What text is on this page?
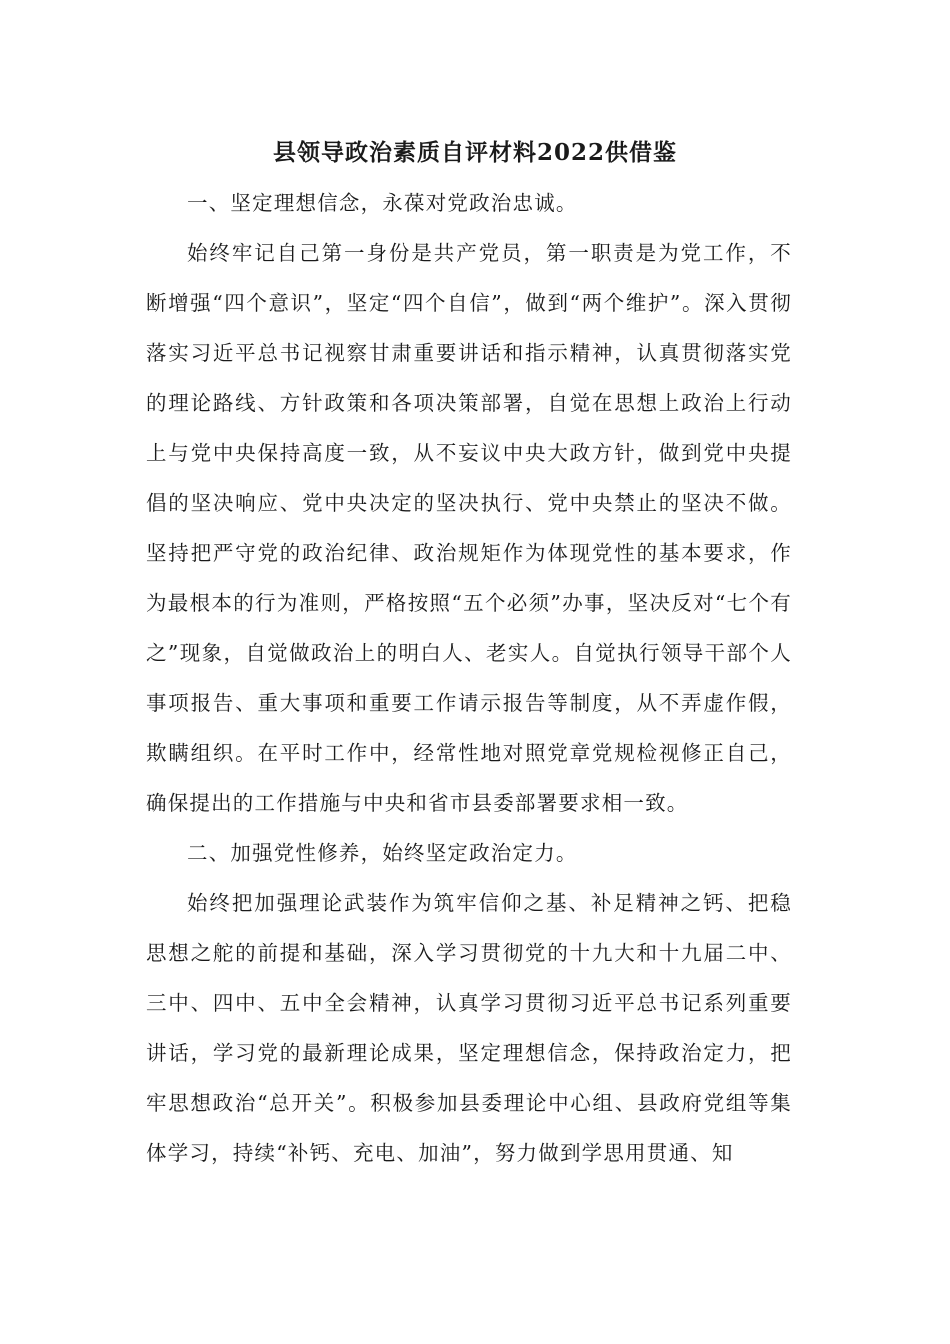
县领导政治素质自评材料2022供借鉴

一、坚定理想信念，永葆对党政治忠诚。

始终牢记自己第一身份是共产党员，第一职责是为党工作，不断增强“四个意识”，坚定“四个自信”，做到“两个维护”。深入贯彻落实习近平总书记视察甘肃重要讲话和指示精神，认真贯彻落实党的理论路线、方针政策和各项决策部署，自觉在思想上政治上行动上与党中央保持高度一致，从不妄议中央大政方针，做到党中央提倡的坚决响应、党中央决定的坚决执行、党中央禁止的坚决不做。坚持把严守党的政治纪律、政治规矩作为体现党性的基本要求，作为最根本的行为准则，严格按照“五个必须”办事，坚决反对“七个有之”现象，自觉做政治上的明白人、老实人。自觉执行领导干部个人事项报告、重大事项和重要工作请示报告等制度，从不弄虚作假，欺瞒组织。在平时工作中，经常性地对照党章党规检视修正自己，确保提出的工作措施与中央和省市县委部署要求相一致。

二、加强党性修养，始终坚定政治定力。

始终把加强理论武装作为筑牢信仰之基、补足精神之钙、把稳思想之舵的前提和基础，深入学习贯彻党的十九大和十九届二中、三中、四中、五中全会精神，认真学习贯彻习近平总书记系列重要讲话，学习党的最新理论成果，坚定理想信念，保持政治定力，把牢思想政治“总开关”。积极参加县委理论中心组、县政府党组等集体学习，持续“补钙、充电、加油”，努力做到学思用贯通、知
